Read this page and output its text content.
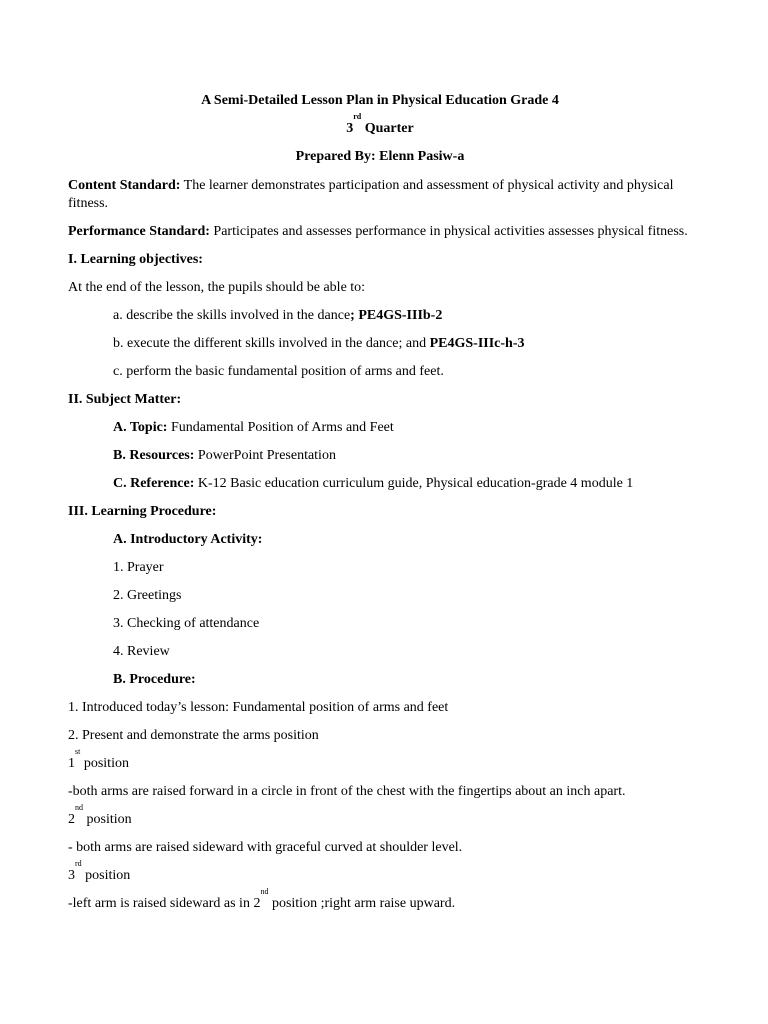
A Semi-Detailed Lesson Plan in Physical Education Grade 4
3rd Quarter
Prepared By: Elenn Pasiw-a
Content Standard: The learner demonstrates participation and assessment of physical activity and physical fitness.
Performance Standard: Participates and assesses performance in physical activities assesses physical fitness.
I. Learning objectives:
At the end of the lesson, the pupils should be able to:
a. describe the skills involved in the dance; PE4GS-IIIb-2
b. execute the different skills involved in the dance; and PE4GS-IIIc-h-3
c. perform the basic fundamental position of arms and feet.
II. Subject Matter:
A. Topic: Fundamental Position of Arms and Feet
B. Resources: PowerPoint Presentation
C. Reference: K-12 Basic education curriculum guide, Physical education-grade 4 module 1
III. Learning Procedure:
A. Introductory Activity:
1. Prayer
2. Greetings
3. Checking of attendance
4. Review
B. Procedure:
1. Introduced today’s lesson: Fundamental position of arms and feet
2. Present and demonstrate the arms position
1st position
-both arms are raised forward in a circle in front of the chest with the fingertips about an inch apart.
2nd position
- both arms are raised sideward with graceful curved at shoulder level.
3rd position
-left arm is raised sideward as in 2nd position ;right arm raise upward.
